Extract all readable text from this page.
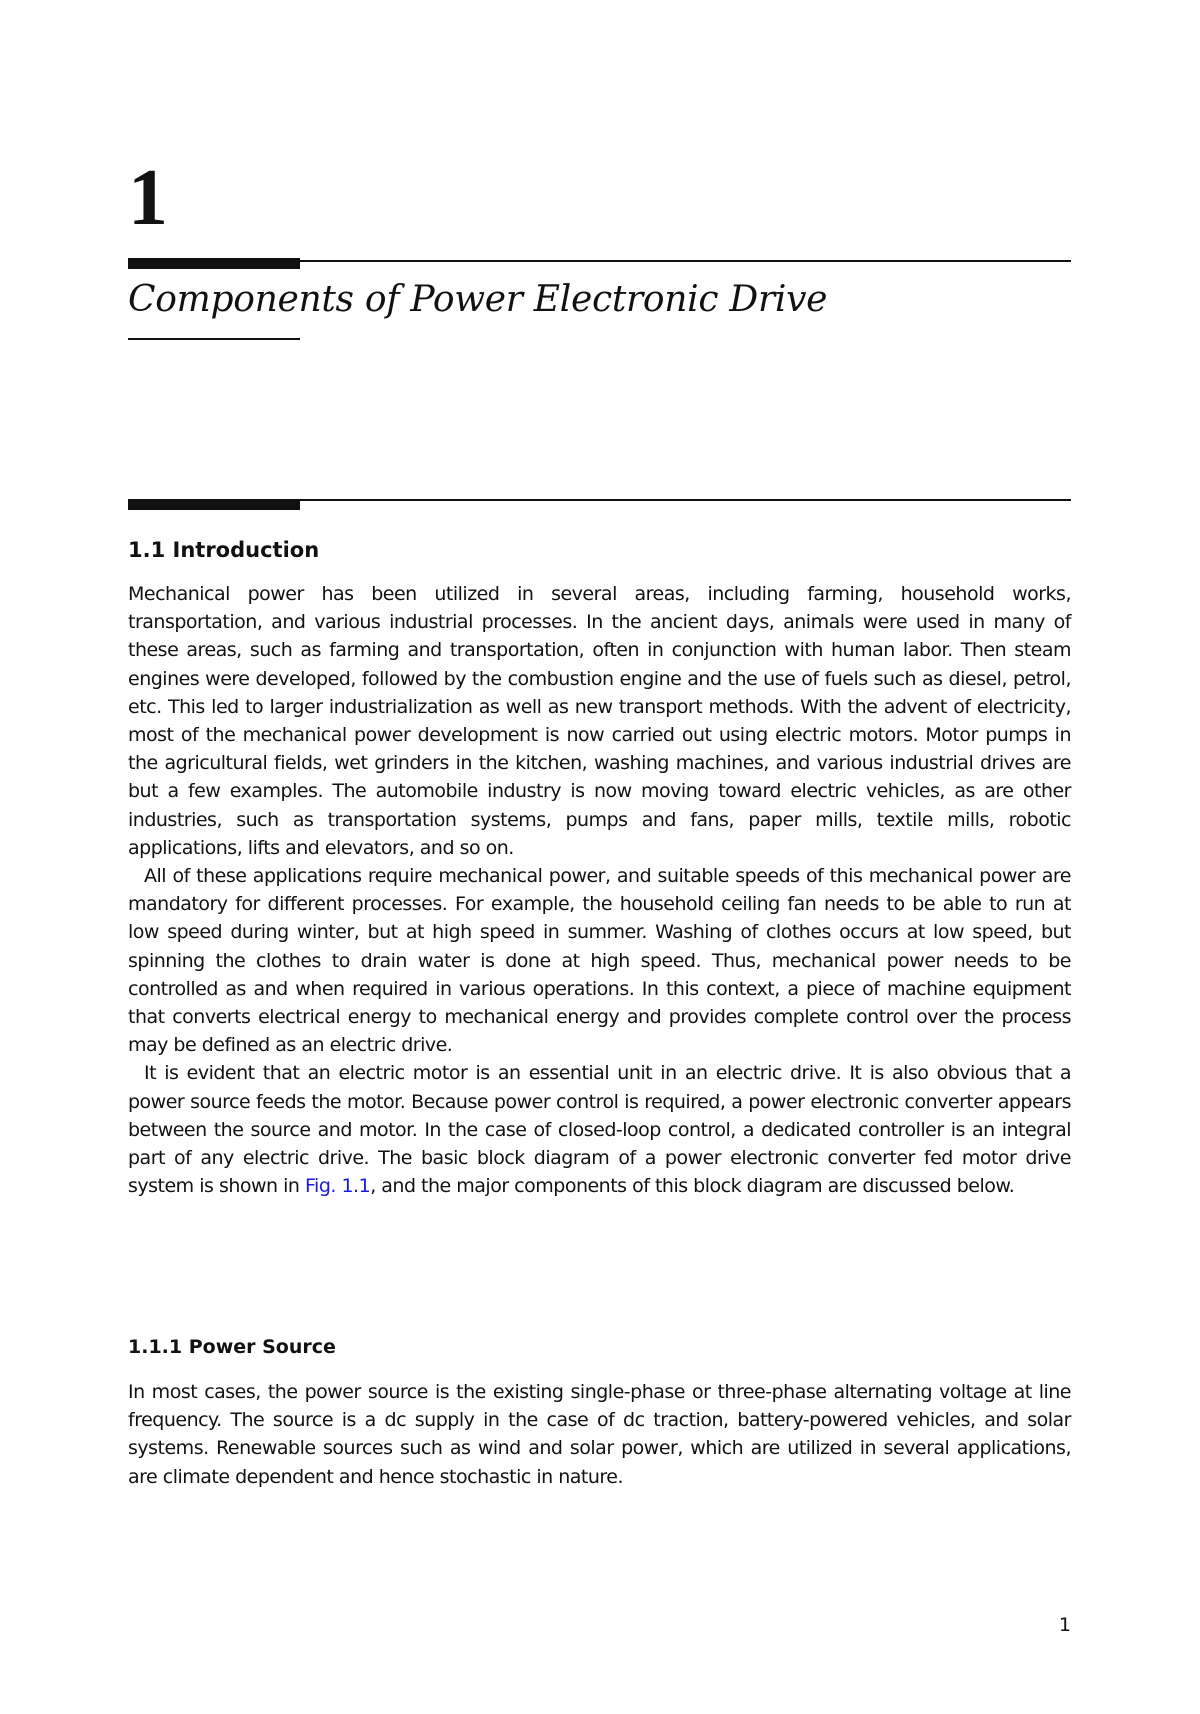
1
Components of Power Electronic Drive
1.1 Introduction

Mechanical power has been utilized in several areas, including farming, household works, transportation, and various industrial processes. In the ancient days, animals were used in many of these areas, such as farming and transportation, often in conjunction with human labor. Then steam engines were developed, followed by the combustion engine and the use of fuels such as diesel, petrol, etc. This led to larger industrialization as well as new transport methods. With the advent of electricity, most of the mechanical power development is now carried out using electric motors. Motor pumps in the agricultural fields, wet grinders in the kitchen, washing machines, and various industrial drives are but a few examples. The automobile industry is now moving toward electric vehicles, as are other industries, such as transportation systems, pumps and fans, paper mills, textile mills, robotic applications, lifts and elevators, and so on.

All of these applications require mechanical power, and suitable speeds of this mechanical power are mandatory for different processes. For example, the household ceiling fan needs to be able to run at low speed during winter, but at high speed in summer. Washing of clothes occurs at low speed, but spinning the clothes to drain water is done at high speed. Thus, mechanical power needs to be controlled as and when required in various operations. In this context, a piece of machine equipment that converts electrical energy to mechanical energy and provides complete control over the process may be defined as an electric drive.

It is evident that an electric motor is an essential unit in an electric drive. It is also obvious that a power source feeds the motor. Because power control is required, a power electronic converter appears between the source and motor. In the case of closed-loop control, a dedicated controller is an integral part of any electric drive. The basic block diagram of a power electronic converter fed motor drive system is shown in Fig. 1.1, and the major components of this block diagram are discussed below.

1.1.1 Power Source

In most cases, the power source is the existing single-phase or three-phase alternating voltage at line frequency. The source is a dc supply in the case of dc traction, battery-powered vehicles, and solar systems. Renewable sources such as wind and solar power, which are utilized in several applications, are climate dependent and hence stochastic in nature.

1
